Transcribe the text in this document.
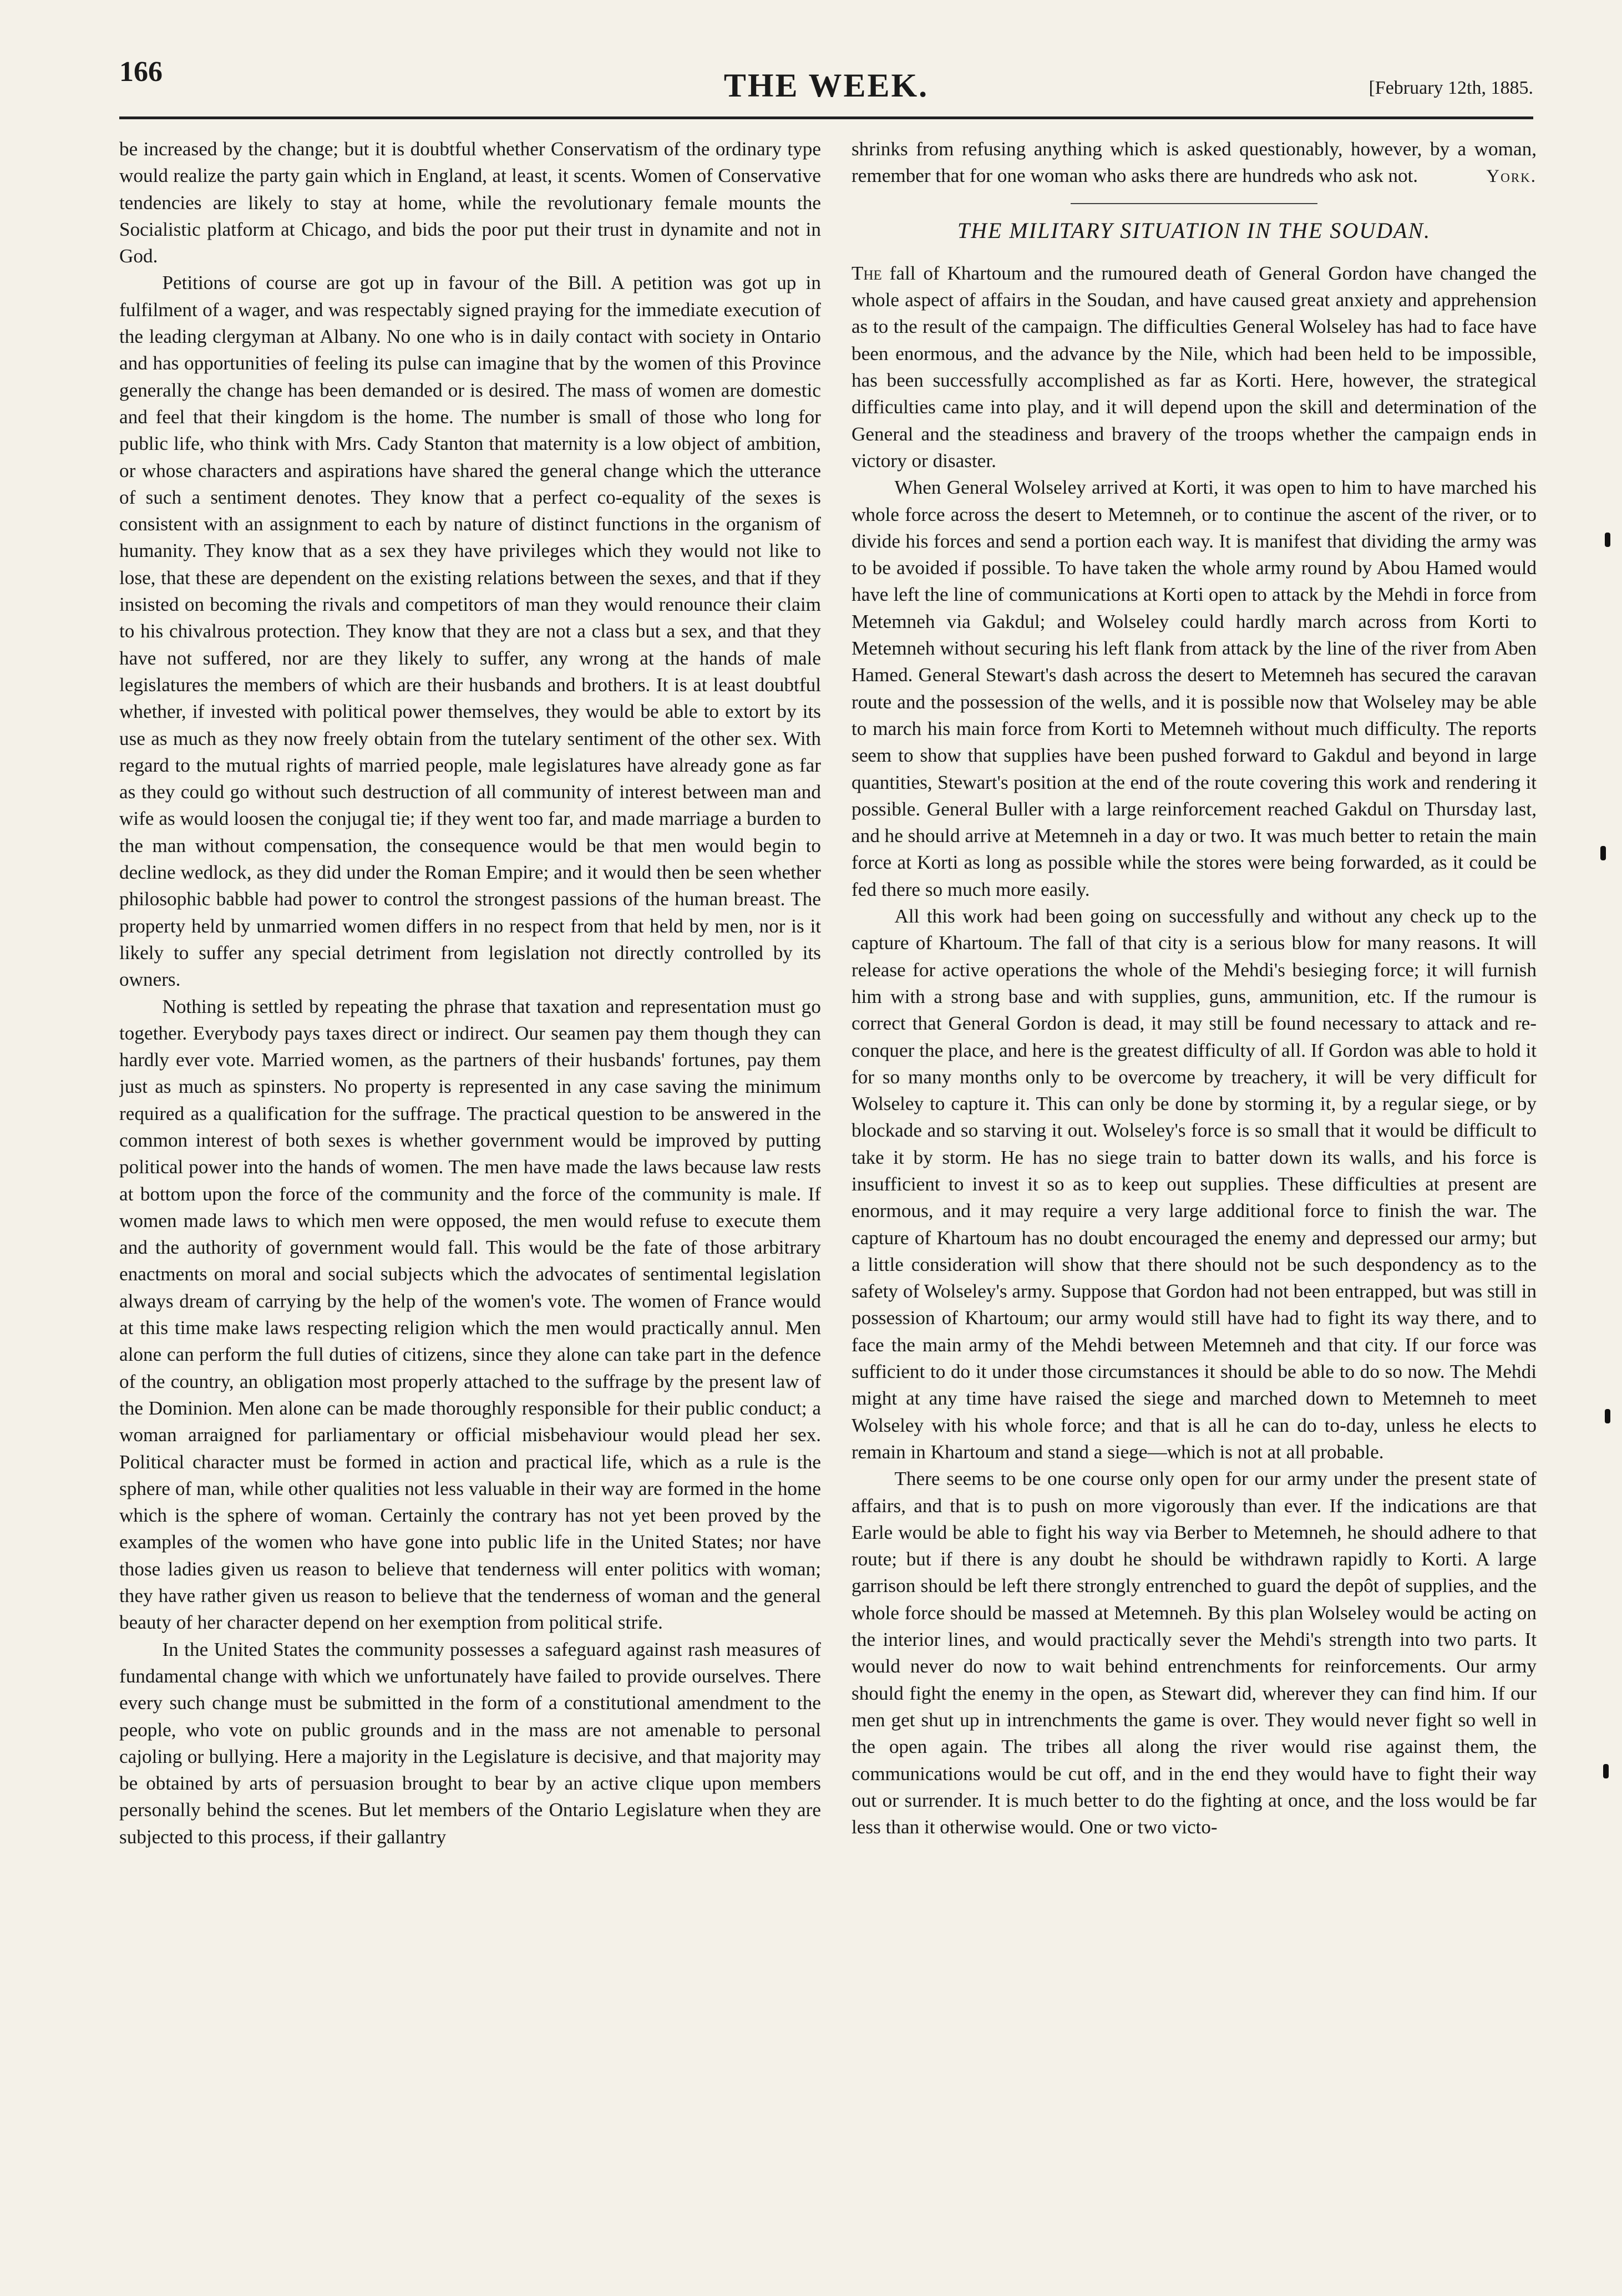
166	THE WEEK.	[February 12th, 1885.

be increased by the change; but it is doubtful whether Conservatism of the ordinary type would realize the party gain which in England, at least, it scents. Women of Conservative tendencies are likely to stay at home, while the revolutionary female mounts the Socialistic platform at Chicago, and bids the poor put their trust in dynamite and not in God.

Petitions of course are got up in favour of the Bill. A petition was got up in fulfilment of a wager, and was respectably signed praying for the immediate execution of the leading clergyman at Albany. No one who is in daily contact with society in Ontario and has opportunities of feeling its pulse can imagine that by the women of this Province generally the change has been demanded or is desired. The mass of women are domestic and feel that their kingdom is the home. The number is small of those who long for public life, who think with Mrs. Cady Stanton that maternity is a low object of ambition, or whose characters and aspirations have shared the general change which the utterance of such a sentiment denotes. They know that a perfect co-equality of the sexes is consistent with an assignment to each by nature of distinct functions in the organism of humanity. They know that as a sex they have privileges which they would not like to lose, that these are dependent on the existing relations between the sexes, and that if they insisted on becoming the rivals and competitors of man they would renounce their claim to his chivalrous protection. They know that they are not a class but a sex, and that they have not suffered, nor are they likely to suffer, any wrong at the hands of male legislatures the members of which are their husbands and brothers. It is at least doubtful whether, if invested with political power themselves, they would be able to extort by its use as much as they now freely obtain from the tutelary sentiment of the other sex. With regard to the mutual rights of married people, male legislatures have already gone as far as they could go without such destruction of all community of interest between man and wife as would loosen the conjugal tie; if they went too far, and made marriage a burden to the man without compensation, the consequence would be that men would begin to decline wedlock, as they did under the Roman Empire; and it would then be seen whether philosophic babble had power to control the strongest passions of the human breast. The property held by unmarried women differs in no respect from that held by men, nor is it likely to suffer any special detriment from legislation not directly controlled by its owners.

Nothing is settled by repeating the phrase that taxation and representation must go together. Everybody pays taxes direct or indirect. Our seamen pay them though they can hardly ever vote. Married women, as the partners of their husbands' fortunes, pay them just as much as spinsters. No property is represented in any case saving the minimum required as a qualification for the suffrage. The practical question to be answered in the common interest of both sexes is whether government would be improved by putting political power into the hands of women. The men have made the laws because law rests at bottom upon the force of the community and the force of the community is male. If women made laws to which men were opposed, the men would refuse to execute them and the authority of government would fall. This would be the fate of those arbitrary enactments on moral and social subjects which the advocates of sentimental legislation always dream of carrying by the help of the women's vote. The women of France would at this time make laws respecting religion which the men would practically annul. Men alone can perform the full duties of citizens, since they alone can take part in the defence of the country, an obligation most properly attached to the suffrage by the present law of the Dominion. Men alone can be made thoroughly responsible for their public conduct; a woman arraigned for parliamentary or official misbehaviour would plead her sex. Political character must be formed in action and practical life, which as a rule is the sphere of man, while other qualities not less valuable in their way are formed in the home which is the sphere of woman. Certainly the contrary has not yet been proved by the examples of the women who have gone into public life in the United States; nor have those ladies given us reason to believe that tenderness will enter politics with woman; they have rather given us reason to believe that the tenderness of woman and the general beauty of her character depend on her exemption from political strife.

In the United States the community possesses a safeguard against rash measures of fundamental change with which we unfortunately have failed to provide ourselves. There every such change must be submitted in the form of a constitutional amendment to the people, who vote on public grounds and in the mass are not amenable to personal cajoling or bullying. Here a majority in the Legislature is decisive, and that majority may be obtained by arts of persuasion brought to bear by an active clique upon members personally behind the scenes. But let members of the Ontario Legislature when they are subjected to this process, if their gallantry

shrinks from refusing anything which is asked questionably, however, by a woman, remember that for one woman who asks there are hundreds who ask not.	York.

THE MILITARY SITUATION IN THE SOUDAN.

The fall of Khartoum and the rumoured death of General Gordon have changed the whole aspect of affairs in the Soudan, and have caused great anxiety and apprehension as to the result of the campaign. The difficulties General Wolseley has had to face have been enormous, and the advance by the Nile, which had been held to be impossible, has been successfully accomplished as far as Korti. Here, however, the strategical difficulties came into play, and it will depend upon the skill and determination of the General and the steadiness and bravery of the troops whether the campaign ends in victory or disaster.

When General Wolseley arrived at Korti, it was open to him to have marched his whole force across the desert to Metemneh, or to continue the ascent of the river, or to divide his forces and send a portion each way. It is manifest that dividing the army was to be avoided if possible. To have taken the whole army round by Abou Hamed would have left the line of communications at Korti open to attack by the Mehdi in force from Metemneh via Gakdul; and Wolseley could hardly march across from Korti to Metemneh without securing his left flank from attack by the line of the river from Aben Hamed. General Stewart's dash across the desert to Metemneh has secured the caravan route and the possession of the wells, and it is possible now that Wolseley may be able to march his main force from Korti to Metemneh without much difficulty. The reports seem to show that supplies have been pushed forward to Gakdul and beyond in large quantities, Stewart's position at the end of the route covering this work and rendering it possible. General Buller with a large reinforcement reached Gakdul on Thursday last, and he should arrive at Metemneh in a day or two. It was much better to retain the main force at Korti as long as possible while the stores were being forwarded, as it could be fed there so much more easily.

All this work had been going on successfully and without any check up to the capture of Khartoum. The fall of that city is a serious blow for many reasons. It will release for active operations the whole of the Mehdi's besieging force; it will furnish him with a strong base and with supplies, guns, ammunition, etc. If the rumour is correct that General Gordon is dead, it may still be found necessary to attack and re-conquer the place, and here is the greatest difficulty of all. If Gordon was able to hold it for so many months only to be overcome by treachery, it will be very difficult for Wolseley to capture it. This can only be done by storming it, by a regular siege, or by blockade and so starving it out. Wolseley's force is so small that it would be difficult to take it by storm. He has no siege train to batter down its walls, and his force is insufficient to invest it so as to keep out supplies. These difficulties at present are enormous, and it may require a very large additional force to finish the war. The capture of Khartoum has no doubt encouraged the enemy and depressed our army; but a little consideration will show that there should not be such despondency as to the safety of Wolseley's army. Suppose that Gordon had not been entrapped, but was still in possession of Khartoum; our army would still have had to fight its way there, and to face the main army of the Mehdi between Metemneh and that city. If our force was sufficient to do it under those circumstances it should be able to do so now. The Mehdi might at any time have raised the siege and marched down to Metemneh to meet Wolseley with his whole force; and that is all he can do to-day, unless he elects to remain in Khartoum and stand a siege—which is not at all probable.

There seems to be one course only open for our army under the present state of affairs, and that is to push on more vigorously than ever. If the indications are that Earle would be able to fight his way via Berber to Metemneh, he should adhere to that route; but if there is any doubt he should be withdrawn rapidly to Korti. A large garrison should be left there strongly entrenched to guard the depôt of supplies, and the whole force should be massed at Metemneh. By this plan Wolseley would be acting on the interior lines, and would practically sever the Mehdi's strength into two parts. It would never do now to wait behind entrenchments for reinforcements. Our army should fight the enemy in the open, as Stewart did, wherever they can find him. If our men get shut up in intrenchments the game is over. They would never fight so well in the open again. The tribes all along the river would rise against them, the communications would be cut off, and in the end they would have to fight their way out or surrender. It is much better to do the fighting at once, and the loss would be far less than it otherwise would. One or two victo-
